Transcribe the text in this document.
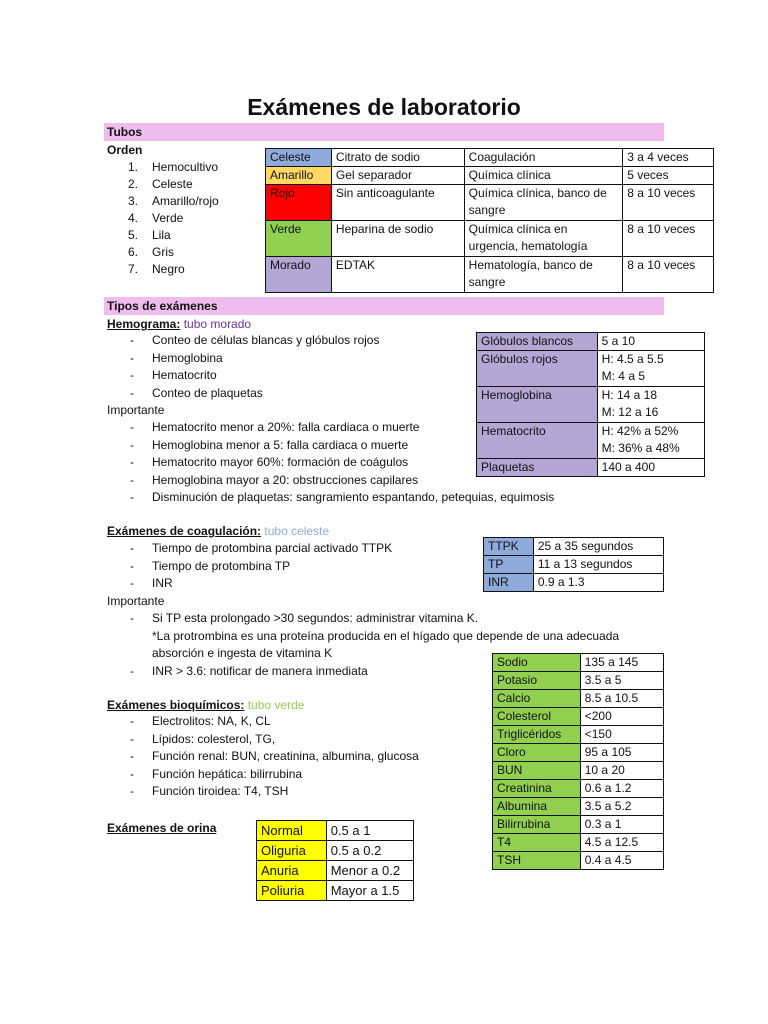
Exámenes de laboratorio
Tubos
Orden
1. Hemocultivo
2. Celeste
3. Amarillo/rojo
4. Verde
5. Lila
6. Gris
7. Negro
Celeste	Citrato de sodio	Coagulación	3 a 4 veces
Amarillo	Gel separador	Química clínica	5 veces
Rojo	Sin anticoagulante	Química clínica, banco de sangre	8 a 10 veces
Verde	Heparina de sodio	Química clínica en urgencia, hematología	8 a 10 veces
Morado	EDTAK	Hematología, banco de sangre	8 a 10 veces
Tipos de exámenes
Hemograma: tubo morado
- Conteo de células blancas y glóbulos rojos
- Hemoglobina
- Hematocrito
- Conteo de plaquetas
Importante
- Hematocrito menor a 20%: falla cardiaca o muerte
- Hemoglobina menor a 5: falla cardiaca o muerte
- Hematocrito mayor 60%: formación de coágulos
- Hemoglobina mayor a 20: obstrucciones capilares
- Disminución de plaquetas: sangramiento espantando, petequias, equimosis
Glóbulos blancos	5 a 10

Glóbulos rojos	H: 4.5 a 5.5
M: 4 a 5

Hemoglobina	H: 14 a 18
M: 12 a 16

Hematocrito	H: 42% a 52%
M: 36% a 48%

Plaquetas	140 a 400
Exámenes de coagulación: tubo celeste
- Tiempo de protombina parcial activado TTPK
- Tiempo de protombina TP
- INR
Importante
- Si TP esta prolongado >30 segundos: administrar vitamina K.
*La protrombina es una proteína producida en el hígado que depende de una adecuada
absorción e ingesta de vitamina K
- INR > 3.6: notificar de manera inmediata
TTPK	25 a 35 segundos
TP	11 a 13 segundos
INR	0.9 a 1.3
Exámenes bioquímicos: tubo verde
- Electrolitos: NA, K, CL
- Lípidos: colesterol, TG,
- Función renal: BUN, creatinina, albumina, glucosa
- Función hepática: bilirrubina
- Función tiroidea: T4, TSH
Sodio	135 a 145
Potasio	3.5 a 5
Calcio	8.5 a 10.5
Colesterol	<200
Triglicéridos	<150
Cloro	95 a 105
BUN	10 a 20
Creatinina	0.6 a 1.2
Albumina	3.5 a 5.2
Bilirrubina	0.3 a 1
T4	4.5 a 12.5
TSH	0.4 a 4.5
Exámenes de orina	Normal	0.5 a 1
Oliguria	0.5 a 0.2
Anuria	Menor a 0.2
Poliuria	Mayor a 1.5
